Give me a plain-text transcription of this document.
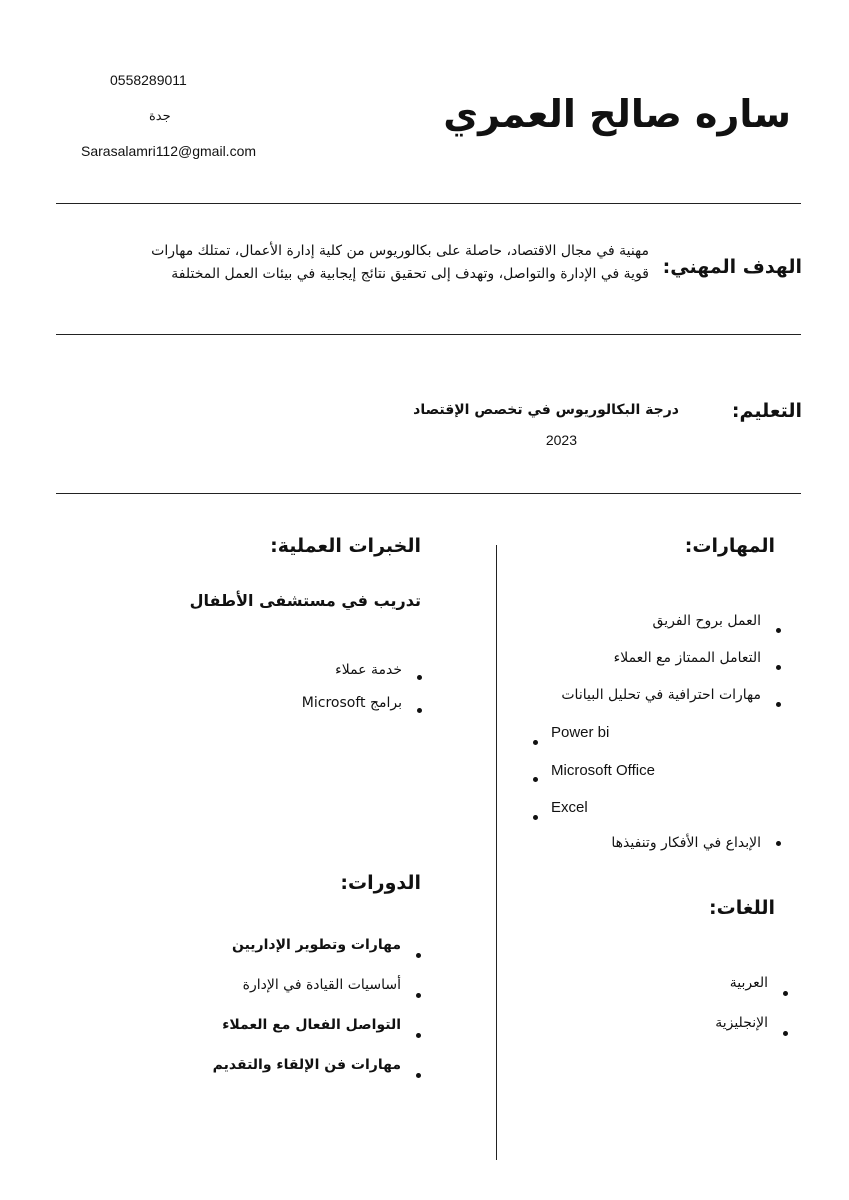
ساره صالح العمري
0558289011
جدة
Sarasalamri112@gmail.com
الهدف المهني:
مهنية في مجال الاقتصاد، حاصلة على بكالوريوس من كلية إدارة الأعمال، تمتلك مهارات قوية في الإدارة والتواصل، وتهدف إلى تحقيق نتائج إيجابية في بيئات العمل المختلفة
التعليم:
درجة البكالوريوس في تخصص الإقتصاد
2023
المهارات:
العمل بروح الفريق
التعامل الممتاز مع العملاء
مهارات احترافية في تحليل البيانات
Power bi
Microsoft Office
Excel
الإبداع في الأفكار وتنفيذها
اللغات:
العربية
الإنجليزية
الخبرات العملية:
تدريب في مستشفى الأطفال
خدمة عملاء
برامج Microsoft
الدورات:
مهارات وتطوير الإداريين
أساسيات القيادة في الإدارة
التواصل الفعال مع العملاء
مهارات فن الإلقاء والتقديم
